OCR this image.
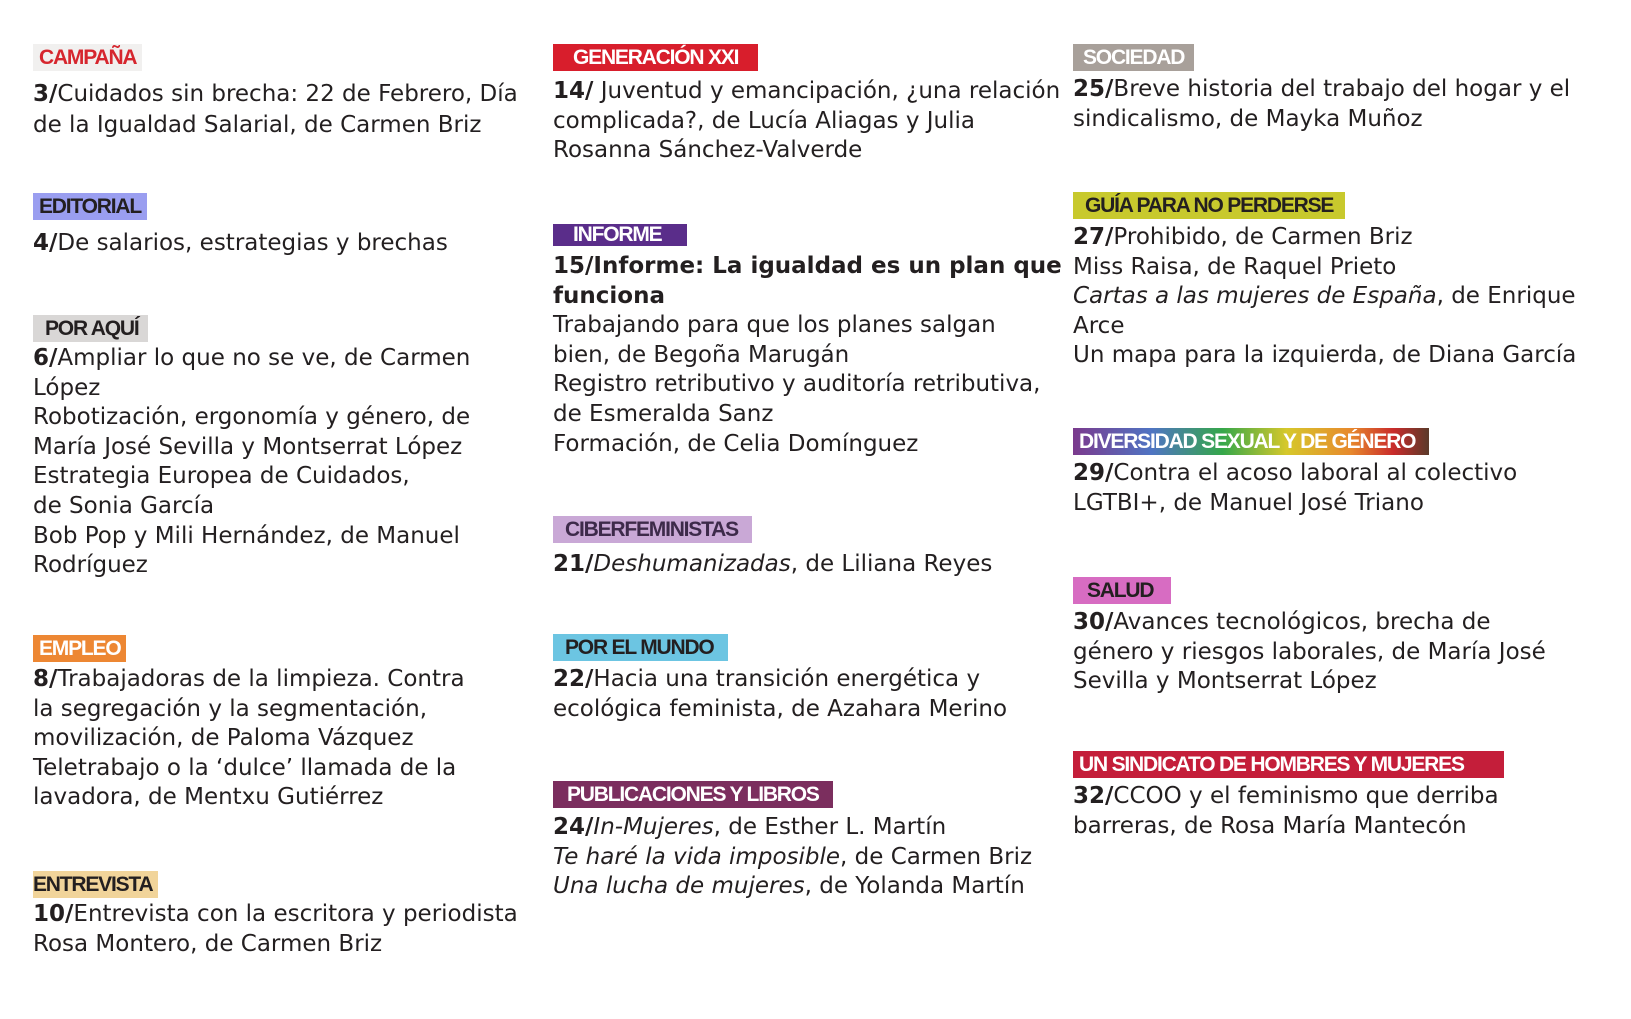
CAMPAÑA
3/Cuidados sin brecha: 22 de Febrero, Día
de la Igualdad Salarial, de Carmen Briz
EDITORIAL
4/De salarios, estrategias y brechas
POR AQUÍ
6/Ampliar lo que no se ve, de Carmen
López
Robotización, ergonomía y género, de
María José Sevilla y Montserrat López
Estrategia Europea de Cuidados,
de Sonia García
Bob Pop y Mili Hernández, de Manuel
Rodríguez
EMPLEO
8/Trabajadoras de la limpieza. Contra
la segregación y la segmentación,
movilización, de Paloma Vázquez
Teletrabajo o la ‘dulce’ llamada de la
lavadora, de Mentxu Gutiérrez
ENTREVISTA
10/Entrevista con la escritora y periodista
Rosa Montero, de Carmen Briz
GENERACIÓN XXI
14/ Juventud y emancipación, ¿una relación
complicada?, de Lucía Aliagas y Julia
Rosanna Sánchez-Valverde
INFORME
15/Informe: La igualdad es un plan que
funciona
Trabajando para que los planes salgan
bien, de Begoña Marugán
Registro retributivo y auditoría retributiva,
de Esmeralda Sanz
Formación, de Celia Domínguez
CIBERFEMINISTAS
21/Deshumanizadas, de Liliana Reyes
POR EL MUNDO
22/Hacia una transición energética y
ecológica feminista, de Azahara Merino
PUBLICACIONES Y LIBROS
24/In-Mujeres, de Esther L. Martín
Te haré la vida imposible, de Carmen Briz
Una lucha de mujeres, de Yolanda Martín
SOCIEDAD
25/Breve historia del trabajo del hogar y el
sindicalismo, de Mayka Muñoz
GUÍA PARA NO PERDERSE
27/Prohibido, de Carmen Briz
Miss Raisa, de Raquel Prieto
Cartas a las mujeres de España, de Enrique
Arce
Un mapa para la izquierda, de Diana García
DIVERSIDAD SEXUAL Y DE GÉNERO
29/Contra el acoso laboral al colectivo
LGTBI+, de Manuel José Triano
SALUD
30/Avances tecnológicos, brecha de
género y riesgos laborales, de María José
Sevilla y Montserrat López
UN SINDICATO DE HOMBRES Y MUJERES
32/CCOO y el feminismo que derriba
barreras, de Rosa María Mantecón
